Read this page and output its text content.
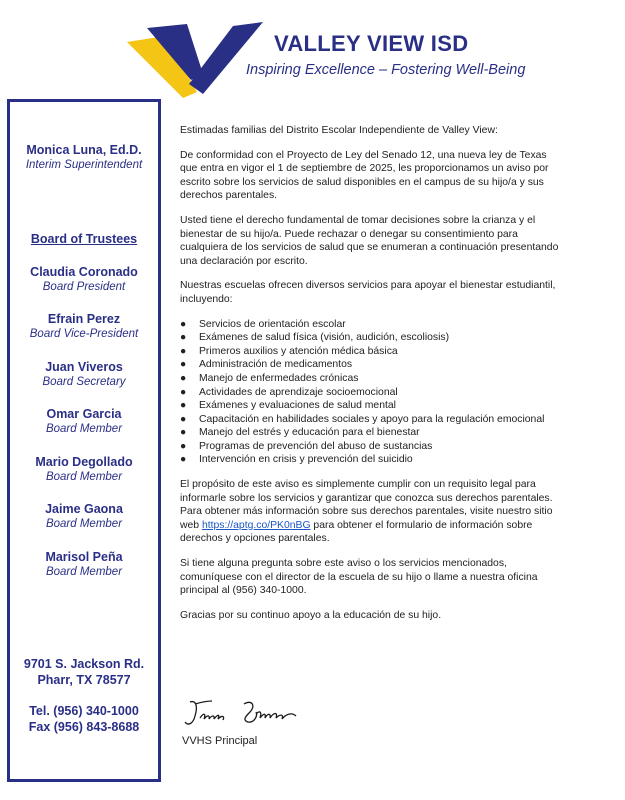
VALLEY VIEW ISD
Inspiring Excellence – Fostering Well-Being
Monica Luna, Ed.D.
Interim Superintendent
Board of Trustees
Claudia Coronado
Board President
Efrain Perez
Board Vice-President
Juan Viveros
Board Secretary
Omar Garcia
Board Member
Mario Degollado
Board Member
Jaime Gaona
Board Member
Marisol Peña
Board Member
9701 S. Jackson Rd.
Pharr, TX 78577
Tel. (956) 340-1000
Fax (956) 843-8688

Estimadas familias del Distrito Escolar Independiente de Valley View:

De conformidad con el Proyecto de Ley del Senado 12, una nueva ley de Texas que entra en vigor el 1 de septiembre de 2025, les proporcionamos un aviso por escrito sobre los servicios de salud disponibles en el campus de su hijo/a y sus derechos parentales.

Usted tiene el derecho fundamental de tomar decisiones sobre la crianza y el bienestar de su hijo/a. Puede rechazar o denegar su consentimiento para cualquiera de los servicios de salud que se enumeran a continuación presentando una declaración por escrito.

Nuestras escuelas ofrecen diversos servicios para apoyar el bienestar estudiantil, incluyendo:

● Servicios de orientación escolar
● Exámenes de salud física (visión, audición, escoliosis)
● Primeros auxilios y atención médica básica
● Administración de medicamentos
● Manejo de enfermedades crónicas
● Actividades de aprendizaje socioemocional
● Exámenes y evaluaciones de salud mental
● Capacitación en habilidades sociales y apoyo para la regulación emocional
● Manejo del estrés y educación para el bienestar
● Programas de prevención del abuso de sustancias
● Intervención en crisis y prevención del suicidio

El propósito de este aviso es simplemente cumplir con un requisito legal para informarle sobre los servicios y garantizar que conozca sus derechos parentales. Para obtener más información sobre sus derechos parentales, visite nuestro sitio web https://aptg.co/PK0nBG para obtener el formulario de información sobre derechos y opciones parentales.

Si tiene alguna pregunta sobre este aviso o los servicios mencionados, comuníquese con el director de la escuela de su hijo o llame a nuestra oficina principal al (956) 340-1000.

Gracias por su continuo apoyo a la educación de su hijo.

VVHS Principal
